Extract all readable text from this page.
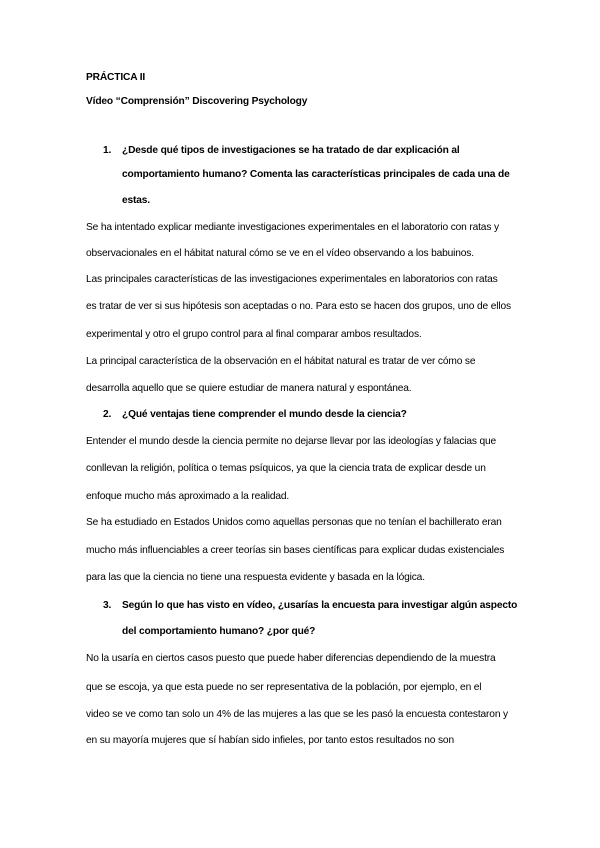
PRÁCTICA II
Vídeo “Comprensión” Discovering Psychology
1. ¿Desde qué tipos de investigaciones se ha tratado de dar explicación al
comportamiento humano? Comenta las características principales de cada una de
estas.
Se ha intentado explicar mediante investigaciones experimentales en el laboratorio con ratas y
observacionales en el hábitat natural cómo se ve en el vídeo observando a los babuinos.
Las principales características de las investigaciones experimentales en laboratorios con ratas
es tratar de ver si sus hipótesis son aceptadas o no. Para esto se hacen dos grupos, uno de ellos
experimental y otro el grupo control para al final comparar ambos resultados.
La principal característica de la observación en el hábitat natural es tratar de ver cómo se
desarrolla aquello que se quiere estudiar de manera natural y espontánea.
2. ¿Qué ventajas tiene comprender el mundo desde la ciencia?
Entender el mundo desde la ciencia permite no dejarse llevar por las ideologías y falacias que
conllevan la religión, política o temas psíquicos, ya que la ciencia trata de explicar desde un
enfoque mucho más aproximado a la realidad.
Se ha estudiado en Estados Unidos como aquellas personas que no tenían el bachillerato eran
mucho más influenciables a creer teorías sin bases científicas para explicar dudas existenciales
para las que la ciencia no tiene una respuesta evidente y basada en la lógica.
3. Según lo que has visto en vídeo, ¿usarías la encuesta para investigar algún aspecto
del comportamiento humano? ¿por qué?
No la usaría en ciertos casos puesto que puede haber diferencias dependiendo de la muestra
que se escoja, ya que esta puede no ser representativa de la población, por ejemplo, en el
video se ve como tan solo un 4% de las mujeres a las que se les pasó la encuesta contestaron y
en su mayoría mujeres que sí habían sido infieles, por tanto estos resultados no son
